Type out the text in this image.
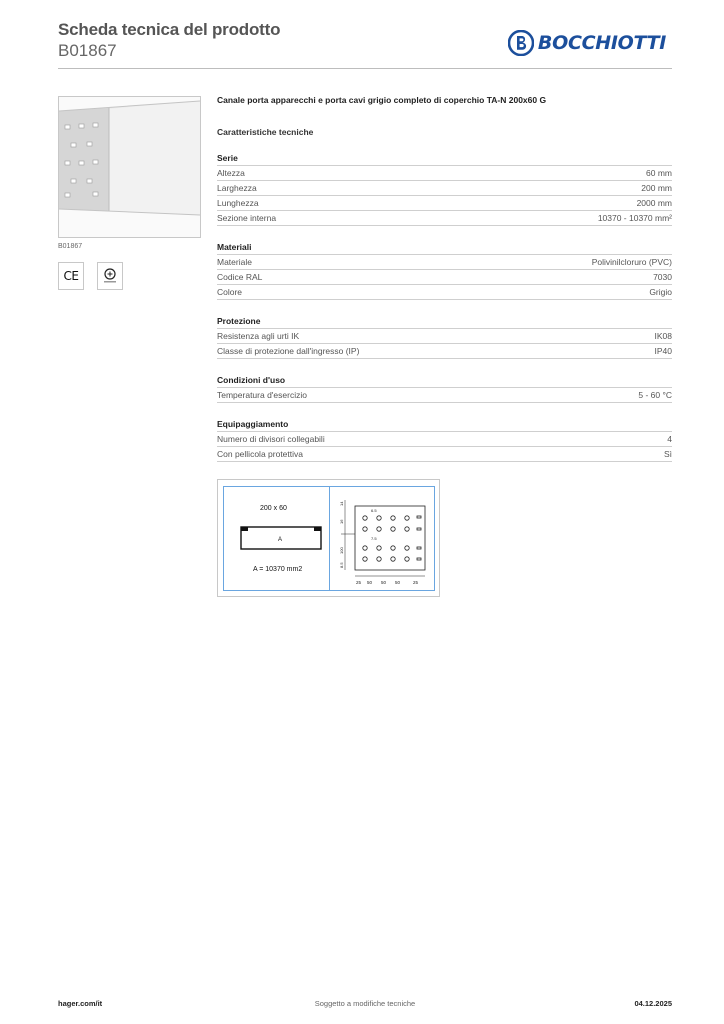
Scheda tecnica del prodotto
B01867	BOCCHIOTTI
B01867
CE
Canale porta apparecchi e porta cavi grigio completo di coperchio TA-N 200x60 G
Caratteristiche tecniche
Serie
Altezza	60 mm
Larghezza	200 mm
Lunghezza	2000 mm
Sezione interna	10370 - 10370 mm²
Materiali
Materiale	Polivinilcloruro (PVC)
Codice RAL	7030
Colore	Grigio
Protezione
Resistenza agli urti IK	IK08
Classe di protezione dall'ingresso (IP)	IP40
Condizioni d'uso
Temperatura d'esercizio	5 - 60 °C
Equipaggiamento
Numero di divisori collegabili	4
Con pellicola protettiva	Sì
200 x 60
A
A = 10370 mm2
14
16
100
8.5
6.5
7.5
25 50 50 50	25
hager.com/it	Soggetto a modifiche tecniche	04.12.2025
